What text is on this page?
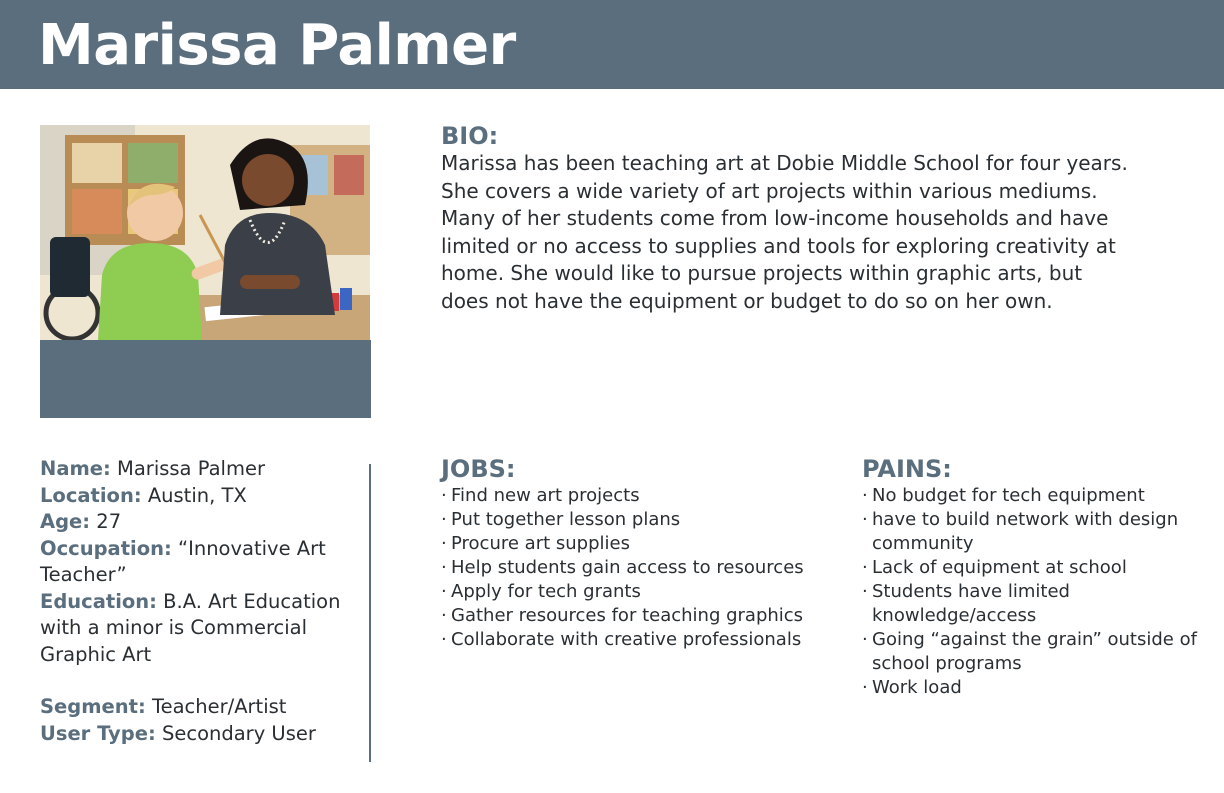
Marissa Palmer
BIO:

Marissa has been teaching art at Dobie Middle School for four years. She covers a wide variety of art projects within various mediums. Many of her students come from low-income households and have limited or no access to supplies and tools for exploring creativity at home. She would like to pursue projects within graphic arts, but does not have the equipment or budget to do so on her own.

Name: Marissa Palmer
Location: Austin, TX
Age: 27
Occupation: “Innovative Art Teacher”
Education: B.A. Art Education with a minor is Commercial Graphic Art
Segment: Teacher/Artist
User Type: Secondary User
JOBS:
· Find new art projects
· Put together lesson plans
· Procure art supplies
· Help students gain access to resources
· Apply for tech grants
· Gather resources for teaching graphics
· Collaborate with creative professionals
PAINS:
· No budget for tech equipment
· have to build network with design community
· Lack of equipment at school
· Students have limited knowledge/access
· Going “against the grain” outside of school programs
· Work load
